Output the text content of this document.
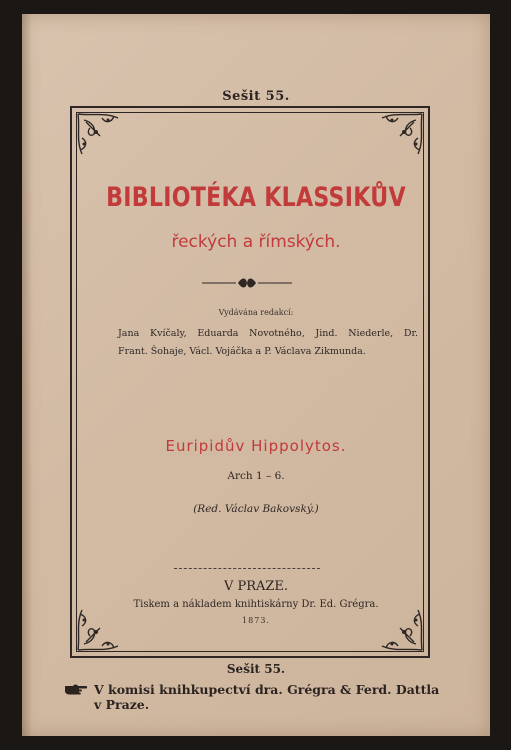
Sešit 55.
BIBLIOTÉKA KLASSIKŮV
řeckých a římských.
Vydávána redakcí:
Jana Kvíčaly, Eduarda Novotného, Jind. Niederle, Dr.
Frant. Šohaje, Václ. Vojáčka a P. Václava Zikmunda.
Euripidův Hippolytos.
Arch 1 – 6.
(Red. Václav Bakovský.)
V PRAZE.
Tiskem a nákladem knihtiskárny Dr. Ed. Grégra.
1873.
Sešit 55.
V komisi knihkupectví dra. Grégra & Ferd. Dattla
v Praze.
